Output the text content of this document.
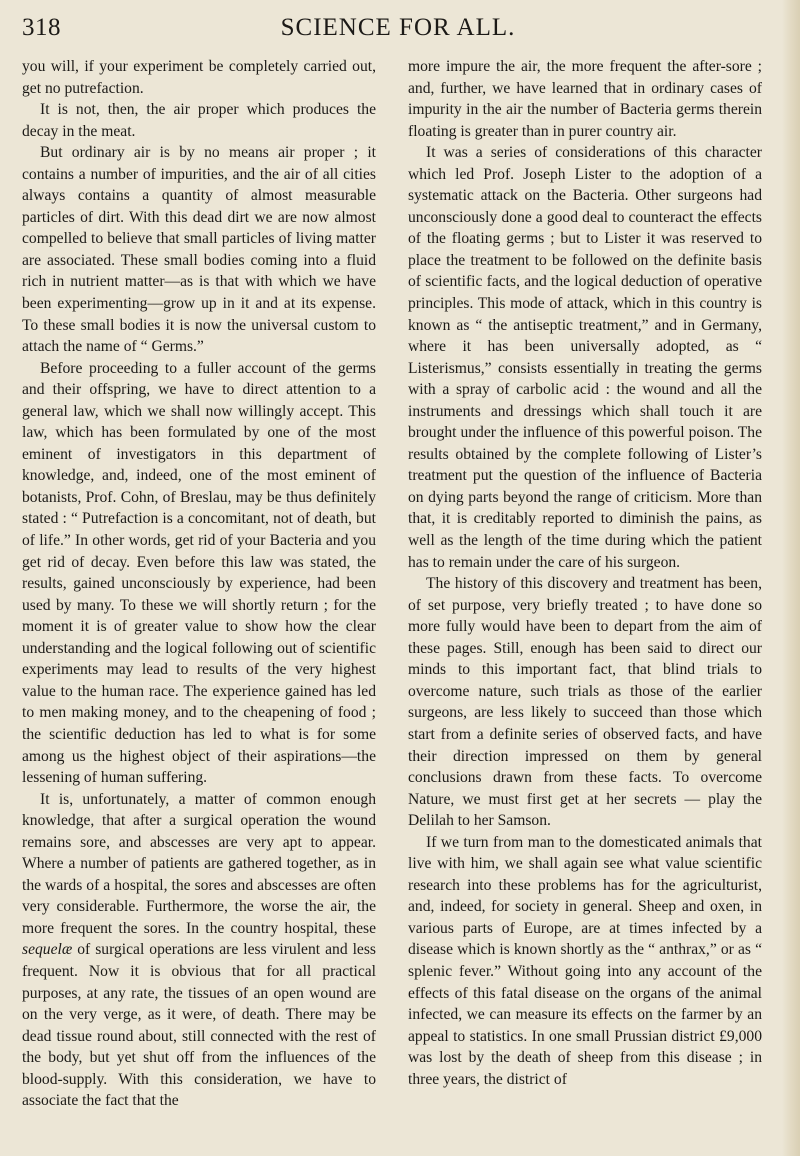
318	SCIENCE FOR ALL.

you will, if your experiment be completely carried out, get no putrefaction.

It is not, then, the air proper which produces the decay in the meat.

But ordinary air is by no means air proper ; it contains a number of impurities, and the air of all cities always contains a quantity of almost measurable particles of dirt. With this dead dirt we are now almost compelled to believe that small particles of living matter are associated. These small bodies coming into a fluid rich in nutrient matter—as is that with which we have been experimenting—grow up in it and at its expense. To these small bodies it is now the universal custom to attach the name of “ Germs.”

Before proceeding to a fuller account of the germs and their offspring, we have to direct attention to a general law, which we shall now willingly accept. This law, which has been formulated by one of the most eminent of investigators in this department of knowledge, and, indeed, one of the most eminent of botanists, Prof. Cohn, of Breslau, may be thus definitely stated : “ Putrefaction is a concomitant, not of death, but of life.” In other words, get rid of your Bacteria and you get rid of decay. Even before this law was stated, the results, gained unconsciously by experience, had been used by many. To these we will shortly return ; for the moment it is of greater value to show how the clear understanding and the logical following out of scientific experiments may lead to results of the very highest value to the human race. The experience gained has led to men making money, and to the cheapening of food ; the scientific deduction has led to what is for some among us the highest object of their aspirations—the lessening of human suffering.

It is, unfortunately, a matter of common enough knowledge, that after a surgical operation the wound remains sore, and abscesses are very apt to appear. Where a number of patients are gathered together, as in the wards of a hospital, the sores and abscesses are often very considerable. Furthermore, the worse the air, the more frequent the sores. In the country hospital, these sequelæ of surgical operations are less virulent and less frequent. Now it is obvious that for all practical purposes, at any rate, the tissues of an open wound are on the very verge, as it were, of death. There may be dead tissue round about, still connected with the rest of the body, but yet shut off from the influences of the blood-supply. With this consideration, we have to associate the fact that the

more impure the air, the more frequent the after-sore ; and, further, we have learned that in ordinary cases of impurity in the air the number of Bacteria germs therein floating is greater than in purer country air.

It was a series of considerations of this character which led Prof. Joseph Lister to the adoption of a systematic attack on the Bacteria. Other surgeons had unconsciously done a good deal to counteract the effects of the floating germs ; but to Lister it was reserved to place the treatment to be followed on the definite basis of scientific facts, and the logical deduction of operative principles. This mode of attack, which in this country is known as “ the antiseptic treatment,” and in Germany, where it has been universally adopted, as “ Listerismus,” consists essentially in treating the germs with a spray of carbolic acid : the wound and all the instruments and dressings which shall touch it are brought under the influence of this powerful poison. The results obtained by the complete following of Lister’s treatment put the question of the influence of Bacteria on dying parts beyond the range of criticism. More than that, it is creditably reported to diminish the pains, as well as the length of the time during which the patient has to remain under the care of his surgeon.

The history of this discovery and treatment has been, of set purpose, very briefly treated ; to have done so more fully would have been to depart from the aim of these pages. Still, enough has been said to direct our minds to this important fact, that blind trials to overcome nature, such trials as those of the earlier surgeons, are less likely to succeed than those which start from a definite series of observed facts, and have their direction impressed on them by general conclusions drawn from these facts. To overcome Nature, we must first get at her secrets — play the Delilah to her Samson.

If we turn from man to the domesticated animals that live with him, we shall again see what value scientific research into these problems has for the agriculturist, and, indeed, for society in general. Sheep and oxen, in various parts of Europe, are at times infected by a disease which is known shortly as the “ anthrax,” or as “ splenic fever.” Without going into any account of the effects of this fatal disease on the organs of the animal infected, we can measure its effects on the farmer by an appeal to statistics. In one small Prussian district £9,000 was lost by the death of sheep from this disease ; in three years, the district of
